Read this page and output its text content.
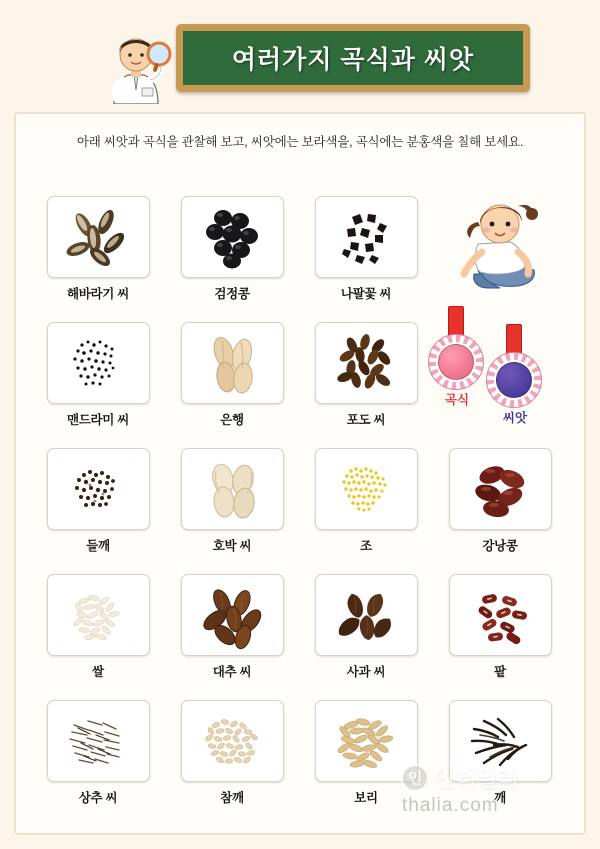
여러가지 곡식과 씨앗
아래 씨앗과 곡식을 관찰해 보고, 씨앗에는 보라색을, 곡식에는 분홍색을 칠해 보세요.
해바라기 씨	검정콩	나팔꽃 씨
맨드라미 씨	은행	포도 씨
들깨	호박 씨	조	강낭콩
쌀	대추 씨	사과 씨	팥
상추 씨	참깨	보리	깨
곡식
씨앗
인 인터일러
thalia.com
